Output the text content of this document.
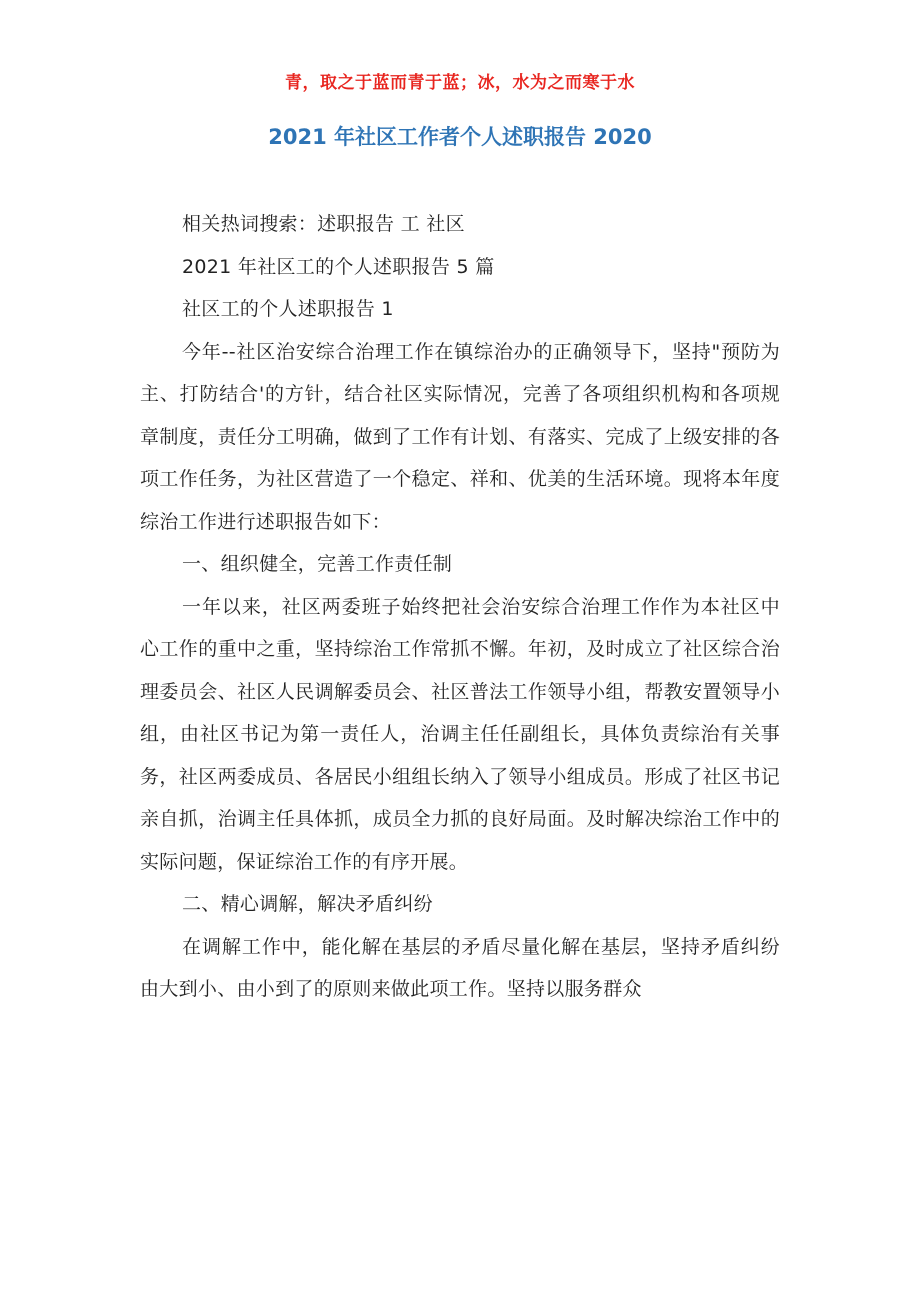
青，取之于蓝而青于蓝；冰，水为之而寒于水
2021 年社区工作者个人述职报告 2020

相关热词搜索：述职报告 工 社区

2021 年社区工的个人述职报告 5 篇

社区工的个人述职报告 1

今年--社区治安综合治理工作在镇综治办的正确领导下，坚持"预防为主、打防结合'的方针，结合社区实际情况，完善了各项组织机构和各项规章制度，责任分工明确，做到了工作有计划、有落实、完成了上级安排的各项工作任务，为社区营造了一个稳定、祥和、优美的生活环境。现将本年度综治工作进行述职报告如下：

一、组织健全，完善工作责任制

一年以来，社区两委班子始终把社会治安综合治理工作作为本社区中心工作的重中之重，坚持综治工作常抓不懈。年初，及时成立了社区综合治理委员会、社区人民调解委员会、社区普法工作领导小组，帮教安置领导小组，由社区书记为第一责任人，治调主任任副组长，具体负责综治有关事务，社区两委成员、各居民小组组长纳入了领导小组成员。形成了社区书记亲自抓，治调主任具体抓，成员全力抓的良好局面。及时解决综治工作中的实际问题，保证综治工作的有序开展。

二、精心调解，解决矛盾纠纷

在调解工作中，能化解在基层的矛盾尽量化解在基层，坚持矛盾纠纷由大到小、由小到了的原则来做此项工作。坚持以服务群众
